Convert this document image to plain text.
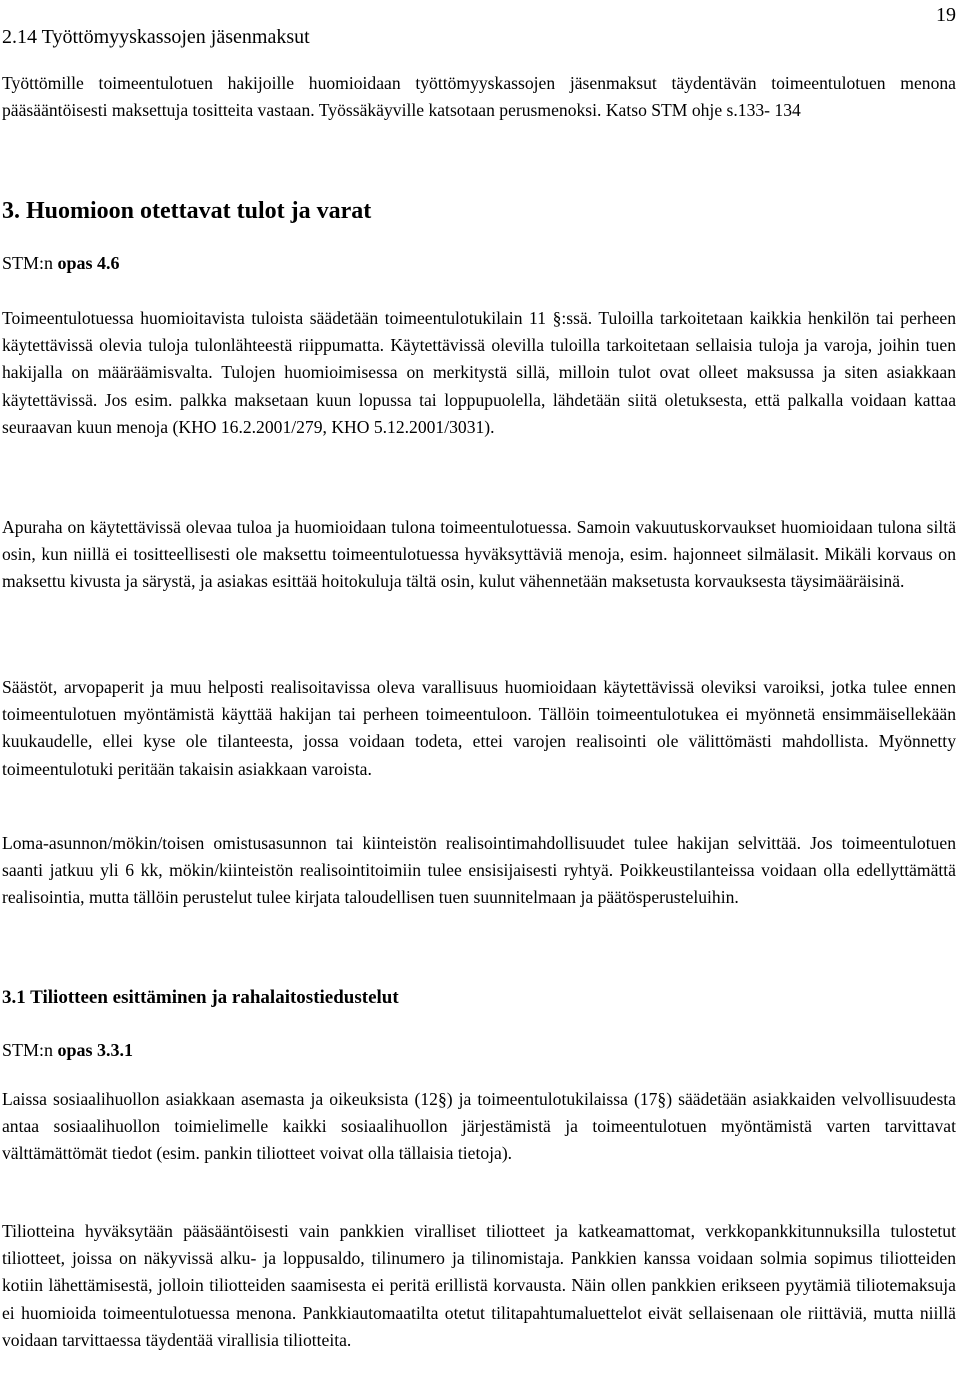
19
2.14 Työttömyyskassojen jäsenmaksut

Työttömille toimeentulotuen hakijoille huomioidaan työttömyyskassojen jäsenmaksut täydentävän toimeentulotuen menona pääsääntöisesti maksettuja tositteita vastaan. Työssäkäyville katsotaan perusmenoksi. Katso STM ohje s.133- 134

3. Huomioon otettavat tulot ja varat
STM:n opas 4.6

Toimeentulotuessa huomioitavista tuloista säädetään toimeentulotukilain 11 §:ssä. Tuloilla tarkoitetaan kaikkia henkilön tai perheen käytettävissä olevia tuloja tulonlähteestä riippumatta. Käytettävissä olevilla tuloilla tarkoitetaan sellaisia tuloja ja varoja, joihin tuen hakijalla on määräämisvalta. Tulojen huomioimisessa on merkitystä sillä, milloin tulot ovat olleet maksussa ja siten asiakkaan käytettävissä. Jos esim. palkka maksetaan kuun lopussa tai loppupuolella, lähdetään siitä oletuksesta, että palkalla voidaan kattaa seuraavan kuun menoja (KHO 16.2.2001/279, KHO 5.12.2001/3031).

Apuraha on käytettävissä olevaa tuloa ja huomioidaan tulona toimeentulotuessa. Samoin vakuutuskorvaukset huomioidaan tulona siltä osin, kun niillä ei tositteellisesti ole maksettu toimeentulotuessa hyväksyttäviä menoja, esim. hajonneet silmälasit. Mikäli korvaus on maksettu kivusta ja särystä, ja asiakas esittää hoitokuluja tältä osin, kulut vähennetään maksetusta korvauksesta täysimääräisinä.

Säästöt, arvopaperit ja muu helposti realisoitavissa oleva varallisuus huomioidaan käytettävissä oleviksi varoiksi, jotka tulee ennen toimeentulotuen myöntämistä käyttää hakijan tai perheen toimeentuloon. Tällöin toimeentulotukea ei myönnetä ensimmäisellekään kuukaudelle, ellei kyse ole tilanteesta, jossa voidaan todeta, ettei varojen realisointi ole välittömästi mahdollista. Myönnetty toimeentulotuki peritään takaisin asiakkaan varoista.

Loma-asunnon/mökin/toisen omistusasunnon tai kiinteistön realisointimahdollisuudet tulee hakijan selvittää. Jos toimeentulotuen saanti jatkuu yli 6 kk, mökin/kiinteistön realisointitoimiin tulee ensisijaisesti ryhtyä. Poikkeustilanteissa voidaan olla edellyttämättä realisointia, mutta tällöin perustelut tulee kirjata taloudellisen tuen suunnitelmaan ja päätösperusteluihin.

3.1 Tiliotteen esittäminen ja rahalaitostiedustelut
STM:n opas 3.3.1

Laissa sosiaalihuollon asiakkaan asemasta ja oikeuksista (12§) ja toimeentulotukilaissa (17§) säädetään asiakkaiden velvollisuudesta antaa sosiaalihuollon toimielimelle kaikki sosiaalihuollon järjestämistä ja toimeentulotuen myöntämistä varten tarvittavat välttämättömät tiedot (esim. pankin tiliotteet voivat olla tällaisia tietoja).

Tiliotteina hyväksytään pääsääntöisesti vain pankkien viralliset tiliotteet ja katkeamattomat, verkkopankkitunnuksilla tulostetut tiliotteet, joissa on näkyvissä alku- ja loppusaldo, tilinumero ja tilinomistaja. Pankkien kanssa voidaan solmia sopimus tiliotteiden kotiin lähettämisestä, jolloin tiliotteiden saamisesta ei peritä erillistä korvausta. Näin ollen pankkien erikseen pyytämiä tiliotemaksuja ei huomioida toimeentulotuessa menona. Pankkiautomaatilta otetut tilitapahtumaluettelot eivät sellaisenaan ole riittäviä, mutta niillä voidaan tarvittaessa täydentää virallisia tiliotteita.
